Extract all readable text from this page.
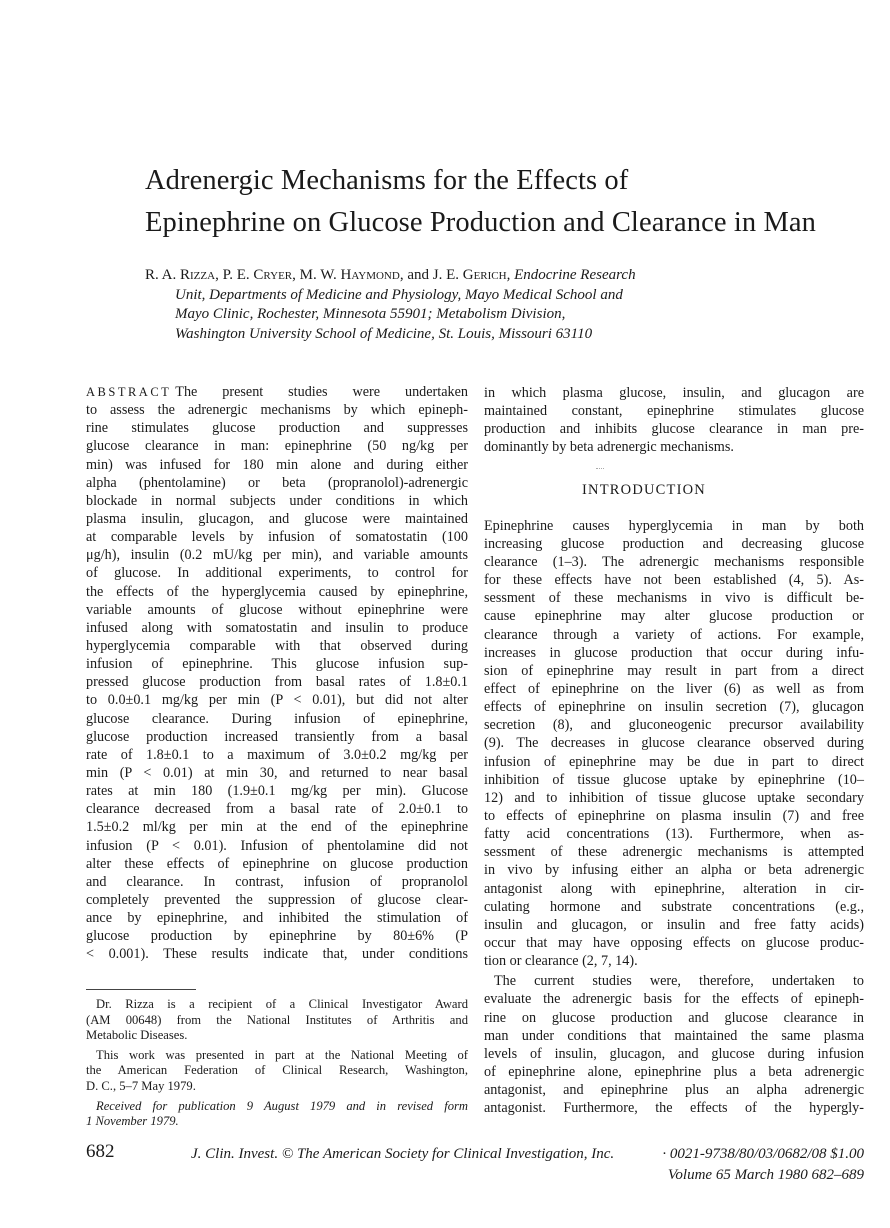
Adrenergic Mechanisms for the Effects of
Epinephrine on Glucose Production and Clearance in Man
R. A. Rizza, P. E. Cryer, M. W. Haymond, and J. E. Gerich, Endocrine Research
Unit, Departments of Medicine and Physiology, Mayo Medical School and
Mayo Clinic, Rochester, Minnesota 55901; Metabolism Division,
Washington University School of Medicine, St. Louis, Missouri 63110
ABSTRACT The present studies were undertaken
to assess the adrenergic mechanisms by which epineph-
rine stimulates glucose production and suppresses
glucose clearance in man: epinephrine (50 ng/kg per
min) was infused for 180 min alone and during either
alpha (phentolamine) or beta (propranolol)-adrenergic
blockade in normal subjects under conditions in which
plasma insulin, glucagon, and glucose were maintained
at comparable levels by infusion of somatostatin (100
μg/h), insulin (0.2 mU/kg per min), and variable amounts
of glucose. In additional experiments, to control for
the effects of the hyperglycemia caused by epinephrine,
variable amounts of glucose without epinephrine were
infused along with somatostatin and insulin to produce
hyperglycemia comparable with that observed during
infusion of epinephrine. This glucose infusion sup-
pressed glucose production from basal rates of 1.8±0.1
to 0.0±0.1 mg/kg per min (P < 0.01), but did not alter
glucose clearance. During infusion of epinephrine,
glucose production increased transiently from a basal
rate of 1.8±0.1 to a maximum of 3.0±0.2 mg/kg per
min (P < 0.01) at min 30, and returned to near basal
rates at min 180 (1.9±0.1 mg/kg per min). Glucose
clearance decreased from a basal rate of 2.0±0.1 to
1.5±0.2 ml/kg per min at the end of the epinephrine
infusion (P < 0.01). Infusion of phentolamine did not
alter these effects of epinephrine on glucose production
and clearance. In contrast, infusion of propranolol
completely prevented the suppression of glucose clear-
ance by epinephrine, and inhibited the stimulation of
glucose production by epinephrine by 80±6% (P
< 0.001). These results indicate that, under conditions
in which plasma glucose, insulin, and glucagon are
maintained constant, epinephrine stimulates glucose
production and inhibits glucose clearance in man pre-
dominantly by beta adrenergic mechanisms.
INTRODUCTION
Epinephrine causes hyperglycemia in man by both
increasing glucose production and decreasing glucose
clearance (1–3). The adrenergic mechanisms responsible
for these effects have not been established (4, 5). As-
sessment of these mechanisms in vivo is difficult be-
cause epinephrine may alter glucose production or
clearance through a variety of actions. For example,
increases in glucose production that occur during infu-
sion of epinephrine may result in part from a direct
effect of epinephrine on the liver (6) as well as from
effects of epinephrine on insulin secretion (7), glucagon
secretion (8), and gluconeogenic precursor availability
(9). The decreases in glucose clearance observed during
infusion of epinephrine may be due in part to direct
inhibition of tissue glucose uptake by epinephrine (10–
12) and to inhibition of tissue glucose uptake secondary
to effects of epinephrine on plasma insulin (7) and free
fatty acid concentrations (13). Furthermore, when as-
sessment of these adrenergic mechanisms is attempted
in vivo by infusing either an alpha or beta adrenergic
antagonist along with epinephrine, alteration in cir-
culating hormone and substrate concentrations (e.g.,
insulin and glucagon, or insulin and free fatty acids)
occur that may have opposing effects on glucose produc-
tion or clearance (2, 7, 14).
The current studies were, therefore, undertaken to
evaluate the adrenergic basis for the effects of epineph-
rine on glucose production and glucose clearance in
man under conditions that maintained the same plasma
levels of insulin, glucagon, and glucose during infusion
of epinephrine alone, epinephrine plus a beta adrenergic
antagonist, and epinephrine plus an alpha adrenergic
antagonist. Furthermore, the effects of the hypergly-
Dr. Rizza is a recipient of a Clinical Investigator Award
(AM 00648) from the National Institutes of Arthritis and
Metabolic Diseases.
This work was presented in part at the National Meeting of
the American Federation of Clinical Research, Washington,
D. C., 5–7 May 1979.
Received for publication 9 August 1979 and in revised form
1 November 1979.
682	J. Clin. Invest. © The American Society for Clinical Investigation, Inc.	· 0021-9738/80/03/0682/08 $1.00
Volume 65 March 1980 682–689
